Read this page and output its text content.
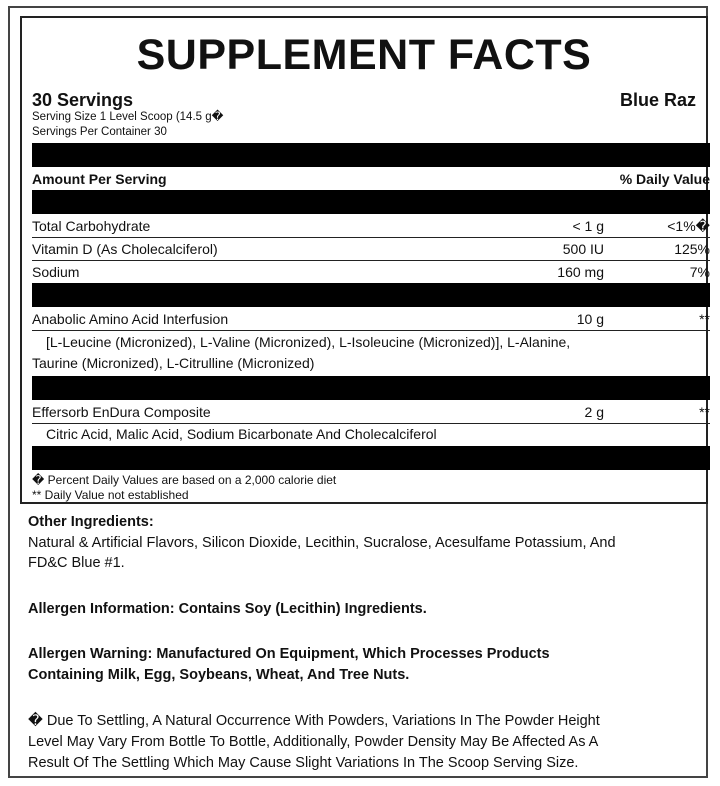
SUPPLEMENT FACTS
30 Servings	Blue Raz
Serving Size 1 Level Scoop (14.5 g�
Servings Per Container 30
Amount Per Serving	% Daily Value
Total Carbohydrate	< 1 g	<1%�
Vitamin D (As Cholecalciferol)	500 IU	125%
Sodium	160 mg	7%
Anabolic Amino Acid Interfusion	10 g	**
[L-Leucine (Micronized), L-Valine (Micronized), L-Isoleucine (Micronized)], L-Alanine,
Taurine (Micronized), L-Citrulline (Micronized)
Effersorb EnDura Composite	2 g	**
Citric Acid, Malic Acid, Sodium Bicarbonate And Cholecalciferol
� Percent Daily Values are based on a 2,000 calorie diet
** Daily Value not established
Other Ingredients:
Natural & Artificial Flavors, Silicon Dioxide, Lecithin, Sucralose, Acesulfame Potassium, And
FD&C Blue #1.
Allergen Information: Contains Soy (Lecithin) Ingredients.
Allergen Warning: Manufactured On Equipment, Which Processes Products
Containing Milk, Egg, Soybeans, Wheat, And Tree Nuts.
� Due To Settling, A Natural Occurrence With Powders, Variations In The Powder Height
Level May Vary From Bottle To Bottle, Additionally, Powder Density May Be Affected As A
Result Of The Settling Which May Cause Slight Variations In The Scoop Serving Size.
